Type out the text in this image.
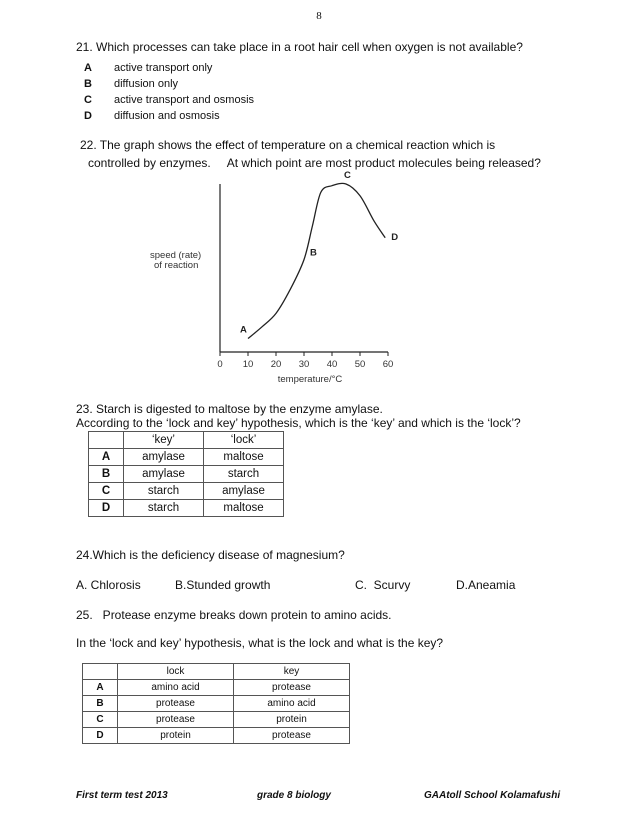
8
21. Which processes can take place in a root hair cell when oxygen is not available?
A active transport only
B diffusion only
C active transport and osmosis
D diffusion and osmosis
22. The graph shows the effect of temperature on a chemical reaction which is
controlled by enzymes.     At which point are most product molecules being released?
speed (rate)
of reaction
0 10 20 30 40 50 60
A
B
C
D
temperature/°C
23. Starch is digested to maltose by the enzyme amylase.
According to the ‘lock and key’ hypothesis, which is the ‘key’ and which is the ‘lock’?
	‘key’	‘lock’
A	amylase	maltose
B	amylase	starch
C	starch	amylase
D	starch	maltose
24.Which is the deficiency disease of magnesium?
A. Chlorosis	B.Stunded growth	C.  Scurvy	D.Aneamia
25.   Protease enzyme breaks down protein to amino acids.
In the ‘lock and key’ hypothesis, what is the lock and what is the key?
	lock	key
A	amino acid	protease
B	protease	amino acid
C	protease	protein
D	protein	protease
First term test 2013	grade 8 biology	GAAtoll School Kolamafushi
